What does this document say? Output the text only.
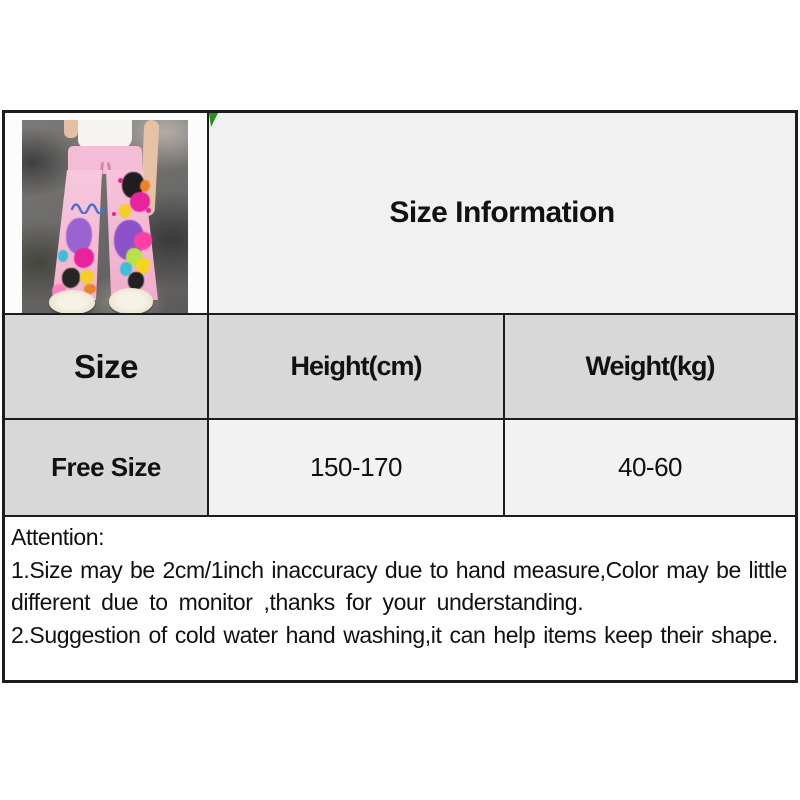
Size Information
Size	Height(cm)	Weight(kg)
Free Size	150-170	40-60
Attention:
1.Size may be 2cm/1inch inaccuracy due to hand measure,Color may be little
different due to monitor ,thanks for your understanding.
2.Suggestion of cold water hand washing,it can help items keep their shape.
